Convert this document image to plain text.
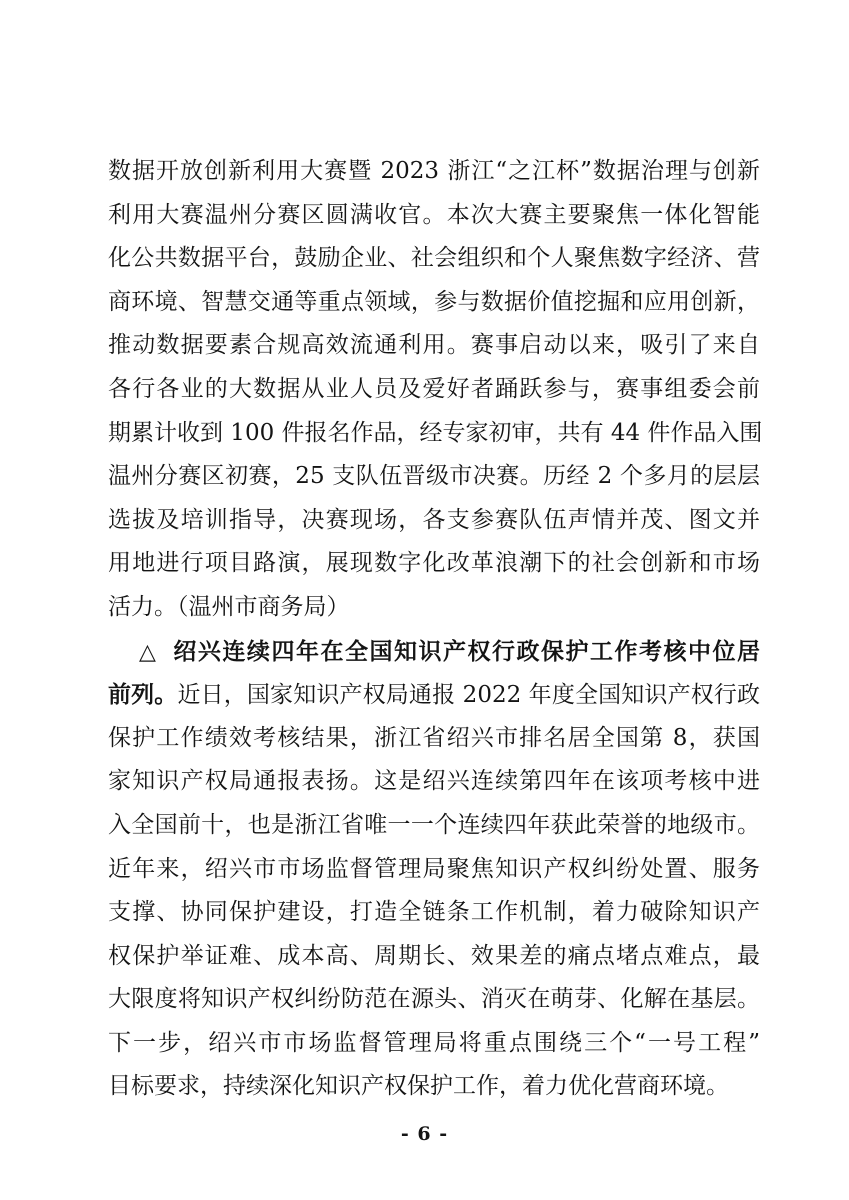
数据开放创新利用大赛暨 2023 浙江“之江杯”数据治理与创新
利用大赛温州分赛区圆满收官。本次大赛主要聚焦一体化智能
化公共数据平台，鼓励企业、社会组织和个人聚焦数字经济、营
商环境、智慧交通等重点领域，参与数据价值挖掘和应用创新，
推动数据要素合规高效流通利用。赛事启动以来，吸引了来自
各行各业的大数据从业人员及爱好者踊跃参与，赛事组委会前
期累计收到 100 件报名作品，经专家初审，共有 44 件作品入围
温州分赛区初赛，25 支队伍晋级市决赛。历经 2 个多月的层层
选拔及培训指导，决赛现场，各支参赛队伍声情并茂、图文并
用地进行项目路演，展现数字化改革浪潮下的社会创新和市场
活力。（温州市商务局）
△ 绍兴连续四年在全国知识产权行政保护工作考核中位居
前列。近日，国家知识产权局通报 2022 年度全国知识产权行政
保护工作绩效考核结果，浙江省绍兴市排名居全国第 8，获国
家知识产权局通报表扬。这是绍兴连续第四年在该项考核中进
入全国前十，也是浙江省唯一一个连续四年获此荣誉的地级市。
近年来，绍兴市市场监督管理局聚焦知识产权纠纷处置、服务
支撑、协同保护建设，打造全链条工作机制，着力破除知识产
权保护举证难、成本高、周期长、效果差的痛点堵点难点，最
大限度将知识产权纠纷防范在源头、消灭在萌芽、化解在基层。
下一步，绍兴市市场监督管理局将重点围绕三个“一号工程”
目标要求，持续深化知识产权保护工作，着力优化营商环境。
- 6 -
